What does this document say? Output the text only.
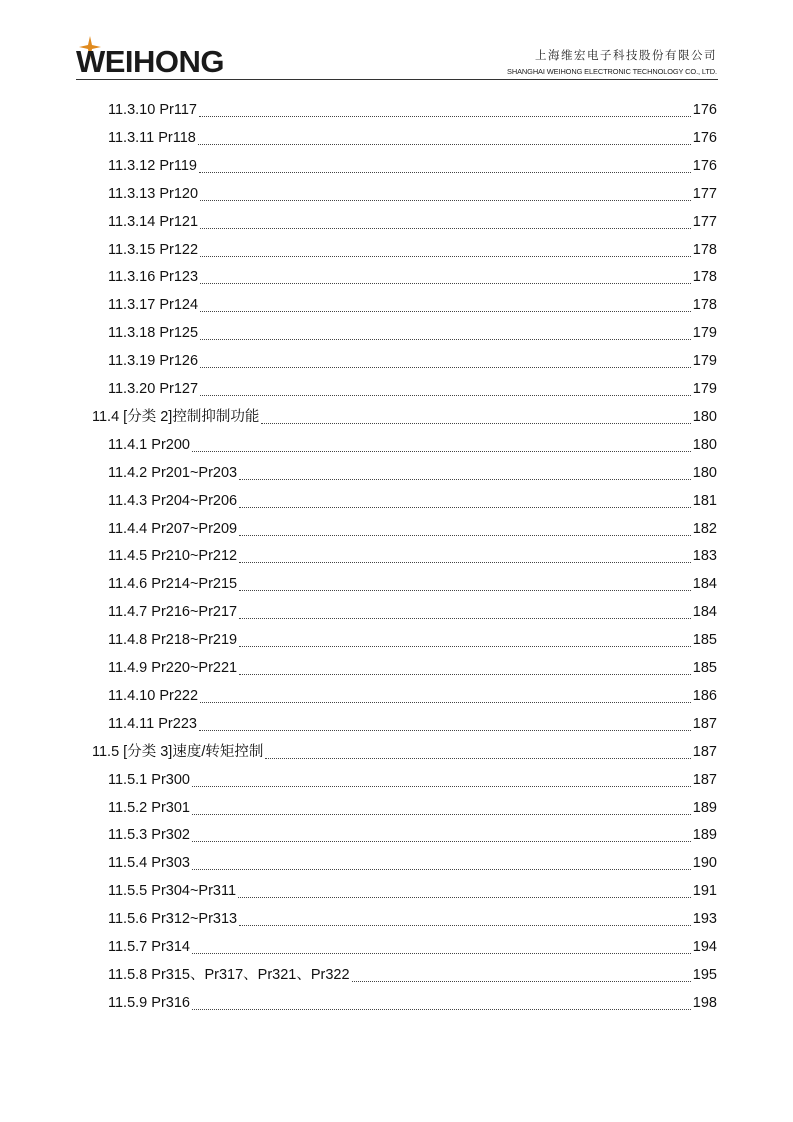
WEIHONG	上海维宏电子科技股份有限公司
SHANGHAI WEIHONG ELECTRONIC TECHNOLOGY CO., LTD.
11.3.10 Pr117	176
11.3.11 Pr118	176
11.3.12 Pr119	176
11.3.13 Pr120	177
11.3.14 Pr121	177
11.3.15 Pr122	178
11.3.16 Pr123	178
11.3.17 Pr124	178
11.3.18 Pr125	179
11.3.19 Pr126	179
11.3.20 Pr127	179
11.4 [分类 2]控制抑制功能	180
11.4.1 Pr200	180
11.4.2 Pr201~Pr203	180
11.4.3 Pr204~Pr206	181
11.4.4 Pr207~Pr209	182
11.4.5 Pr210~Pr212	183
11.4.6 Pr214~Pr215	184
11.4.7 Pr216~Pr217	184
11.4.8 Pr218~Pr219	185
11.4.9 Pr220~Pr221	185
11.4.10 Pr222	186
11.4.11 Pr223	187
11.5 [分类 3]速度/转矩控制	187
11.5.1 Pr300	187
11.5.2 Pr301	189
11.5.3 Pr302	189
11.5.4 Pr303	190
11.5.5 Pr304~Pr311	191
11.5.6 Pr312~Pr313	193
11.5.7 Pr314	194
11.5.8 Pr315、Pr317、Pr321、Pr322	195
11.5.9 Pr316	198
